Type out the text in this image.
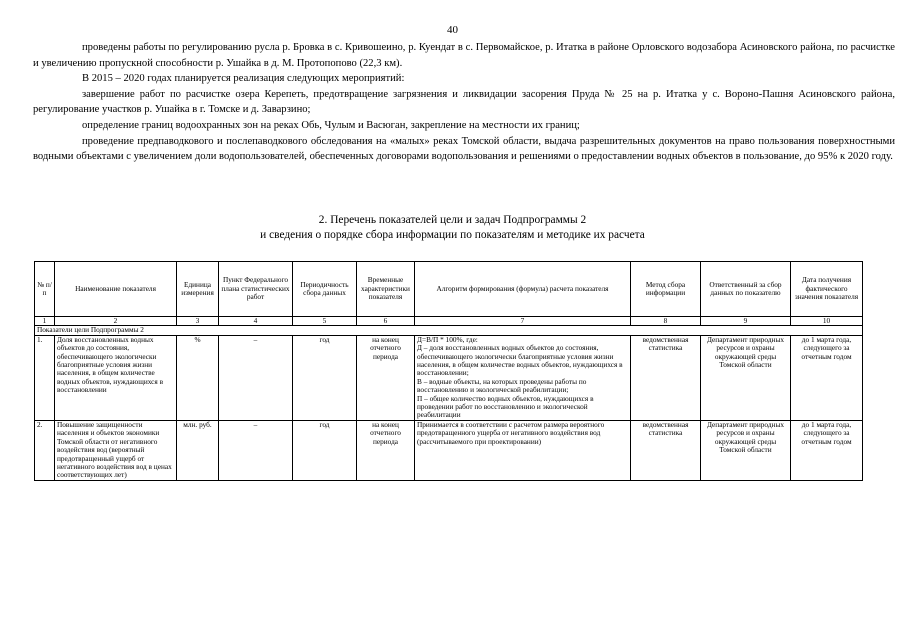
40

проведены работы по регулированию русла р. Бровка в с. Кривошеино, р. Куендат в с. Первомайское, р. Итатка в районе Орловского водозабора Асиновского района, по расчистке и увеличению пропускной способности р. Ушайка в д. М. Протопопово (22,3 км).

В 2015 – 2020 годах планируется реализация следующих мероприятий:

завершение работ по расчистке озера Керепеть, предотвращение загрязнения и ликвидации засорения Пруда № 25 на р. Итатка у с. Вороно-Пашня Асиновского района, регулирование участков р. Ушайка в г. Томске и д. Заварзино;

определение границ водоохранных зон на реках Обь, Чулым и Васюган, закрепление на местности их границ;

проведение предпаводкового и послепаводкового обследования на «малых» реках Томской области, выдача разрешительных документов на право пользования поверхностными водными объектами с увеличением доли водопользователей, обеспеченных договорами водопользования и решениями о предоставлении водных объектов в пользование, до 95% к 2020 году.

2. Перечень показателей цели и задач Подпрограммы 2
и сведения о порядке сбора информации по показателям и методике их расчета
№ п/п	Наименование показателя	Единица измерения	Пункт Федерального плана статистических работ	Периодичность сбора данных	Временные характеристики показателя	Алгоритм формирования (формула) расчета показателя	Метод сбора информации	Ответственный за сбор данных по показателю	Дата получения фактического значения показателя
1	2	3	4	5	6	7	8	9	10
Показатели цели Подпрограммы 2									
1.	Доля восстановленных водных объектов до состояния, обеспечивающего экологически благоприятные условия жизни населения, в общем количестве водных объектов, нуждающихся в восстановлении	%	–	год	на конец отчетного периода	Д=В/П * 100%, где:
Д – доля восстановленных водных объектов до состояния, обеспечивающего экологически благоприятные условия жизни населения, в общем количестве водных объектов, нуждающихся в восстановлении;
В – водные объекты, на которых проведены работы по восстановлению и экологической реабилитации;
П – общее количество водных объектов, нуждающихся в проведении работ по восстановлению и экологической реабилитации	ведомственная статистика	Департамент природных ресурсов и охраны окружающей среды Томской области	до 1 марта года, следующего за отчетным годом
2.	Повышение защищенности населения и объектов экономики Томской области от негативного воздействия вод (вероятный предотвращенный ущерб от негативного воздействия вод в ценах соответствующих лет)	млн. руб.	–	год	на конец отчетного периода	Принимается в соответствии с расчетом размера вероятного предотвращенного ущерба от негативного воздействия вод (рассчитываемого при проектировании)	ведомственная статистика	Департамент природных ресурсов и охраны окружающей среды Томской области	до 1 марта года, следующего за отчетным годом
